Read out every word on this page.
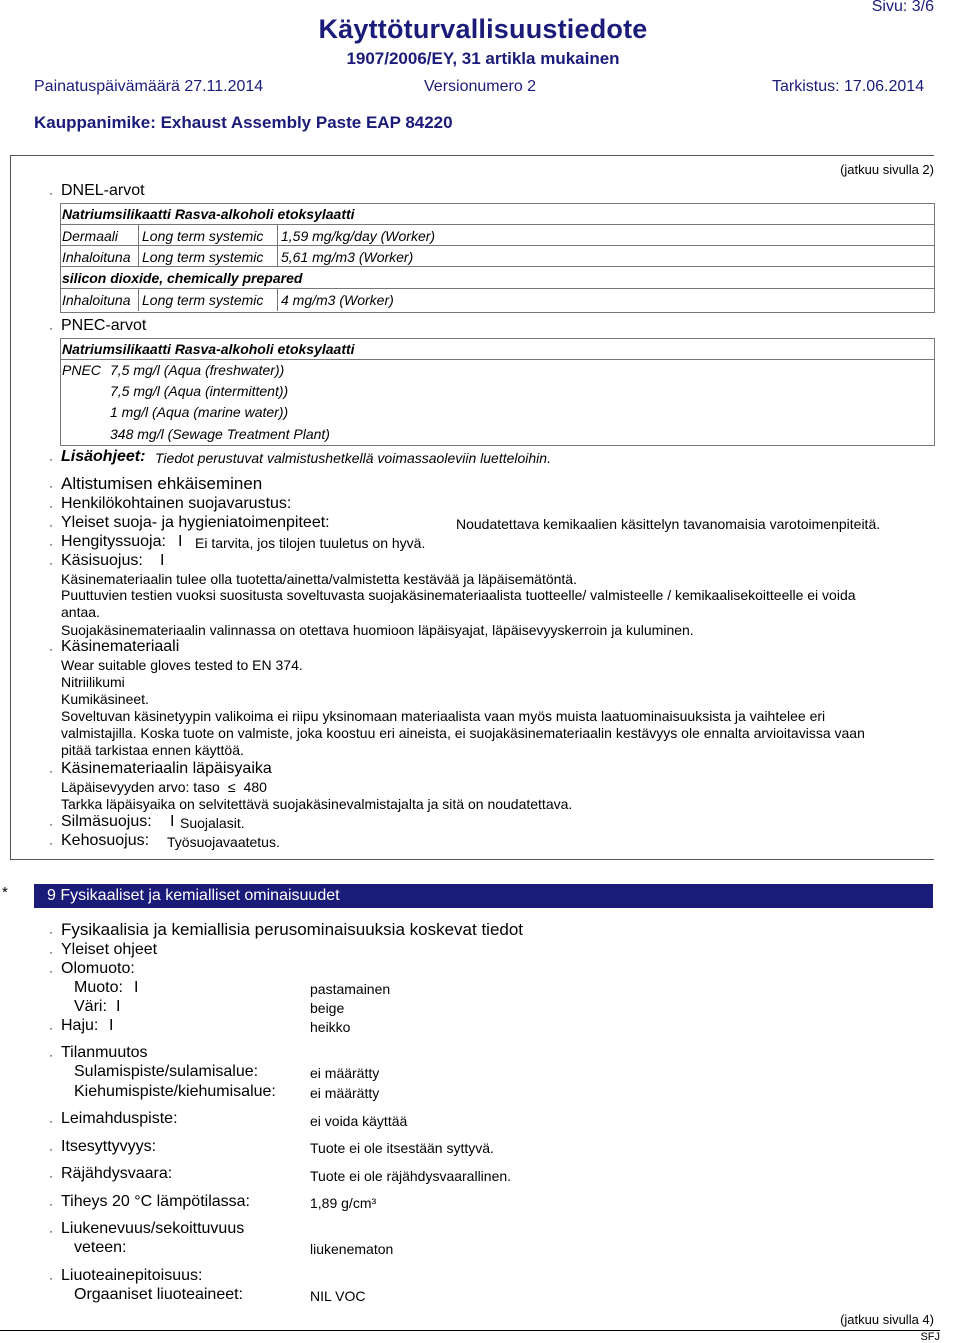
Sivu: 3/6
Käyttöturvallisuustiedote
1907/2006/EY, 31 artikla mukainen
Painatuspäivämäärä 27.11.2014	Versionumero 2	Tarkistus: 17.06.2014
Kauppanimike: Exhaust Assembly Paste EAP 84220
(jatkuu sivulla 2)
· DNEL-arvot
Natriumsilikaatti Rasva-alkoholi etoksylaatti
Dermaali Long term systemic 1,59 mg/kg/day (Worker)
Inhaloituna Long term systemic 5,61 mg/m3 (Worker)
silicon dioxide, chemically prepared
Inhaloituna Long term systemic 4 mg/m3 (Worker)
· PNEC-arvot
Natriumsilikaatti Rasva-alkoholi etoksylaatti
PNEC 7,5 mg/l (Aqua (freshwater))
7,5 mg/l (Aqua (intermittent))
1 mg/l (Aqua (marine water))
348 mg/l (Sewage Treatment Plant)
· Lisäohjeet: Tiedot perustuvat valmistushetkellä voimassaoleviin luetteloihin.
· Altistumisen ehkäiseminen
· Henkilökohtainen suojavarustus:
· Yleiset suoja- ja hygieniatoimenpiteet:	Noudatettava kemikaalien käsittelyn tavanomaisia varotoimenpiteitä.
· Hengityssuoja: I Ei tarvita, jos tilojen tuuletus on hyvä.
· Käsisuojus: I
Käsinemateriaalin tulee olla tuotetta/ainetta/valmistetta kestävää ja läpäisemätöntä.
Puuttuvien testien vuoksi suositusta soveltuvasta suojakäsinemateriaalista tuotteelle/ valmisteelle / kemikaalisekoitteelle ei voida
antaa.
Suojakäsinemateriaalin valinnassa on otettava huomioon läpäisyajat, läpäisevyyskerroin ja kuluminen.
· Käsinemateriaali
Wear suitable gloves tested to EN 374.
Nitriilikumi
Kumikäsineet.
Soveltuvan käsinetyypin valikoima ei riipu yksinomaan materiaalista vaan myös muista laatuominaisuuksista ja vaihtelee eri
valmistajilla. Koska tuote on valmiste, joka koostuu eri aineista, ei suojakäsinemateriaalin kestävyys ole ennalta arvioitavissa vaan
pitää tarkistaa ennen käyttöä.
· Käsinemateriaalin läpäisyaika
Läpäisevyyden arvo: taso ≤ 480
Tarkka läpäisyaika on selvitettävä suojakäsinevalmistajalta ja sitä on noudatettava.
· Silmäsuojus: I Suojalasit.
· Kehosuojus: Työsuojavaatetus.
* 9 Fysikaaliset ja kemialliset ominaisuudet
· Fysikaalisia ja kemiallisia perusominaisuuksia koskevat tiedot
· Yleiset ohjeet
· Olomuoto:
Muoto: I	pastamainen
Väri: I	beige
· Haju: I	heikko
· Tilanmuutos
Sulamispiste/sulamisalue:	ei määrätty
Kiehumispiste/kiehumisalue: ei määrätty
· Leimahduspiste:	ei voida käyttää
· Itsesyttyvyys:	Tuote ei ole itsestään syttyvä.
· Räjähdysvaara:	Tuote ei ole räjähdysvaarallinen.
· Tiheys 20 °C lämpötilassa:	1,89 g/cm³
· Liukenevuus/sekoittuvuus
veteen:	liukenematon
· Liuoteainepitoisuus:
Orgaaniset liuoteaineet:	NIL VOC
(jatkuu sivulla 4)
SFJ
